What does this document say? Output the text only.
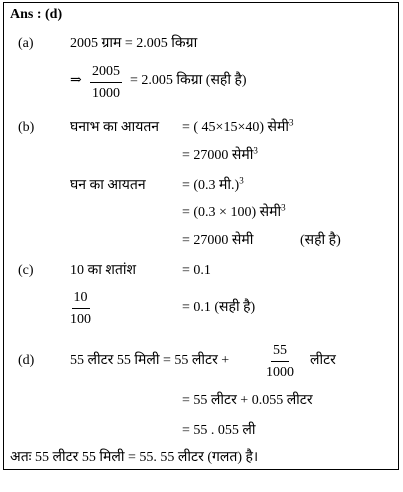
Ans : (d)
(a)	2005 ग्राम = 2.005 किग्रा
⇒ $\frac{2005}{1000} = 2.005$ किग्रा (सही है)
(b)	घनाभ का आयतन = ( 45×15×40) सेमी$^3$
= 27000 सेमी$^3$
घन का आयतन	= (0.3 मी.)$^3$
= (0.3 × 100) सेमी$^3$
= 27000 सेमी	(सही है)
(c)	10 का शतांश	= 0.1
$\frac{10}{100}$	= 0.1 (सही है)
(d)	55 लीटर 55 मिली = 55 लीटर +	$\frac{55}{1000}$ लीटर
= 55 लीटर + 0.055 लीटर
= 55 . 055 ली
अतः 55 लीटर 55 मिली = 55. 55 लीटर (गलत) है।
